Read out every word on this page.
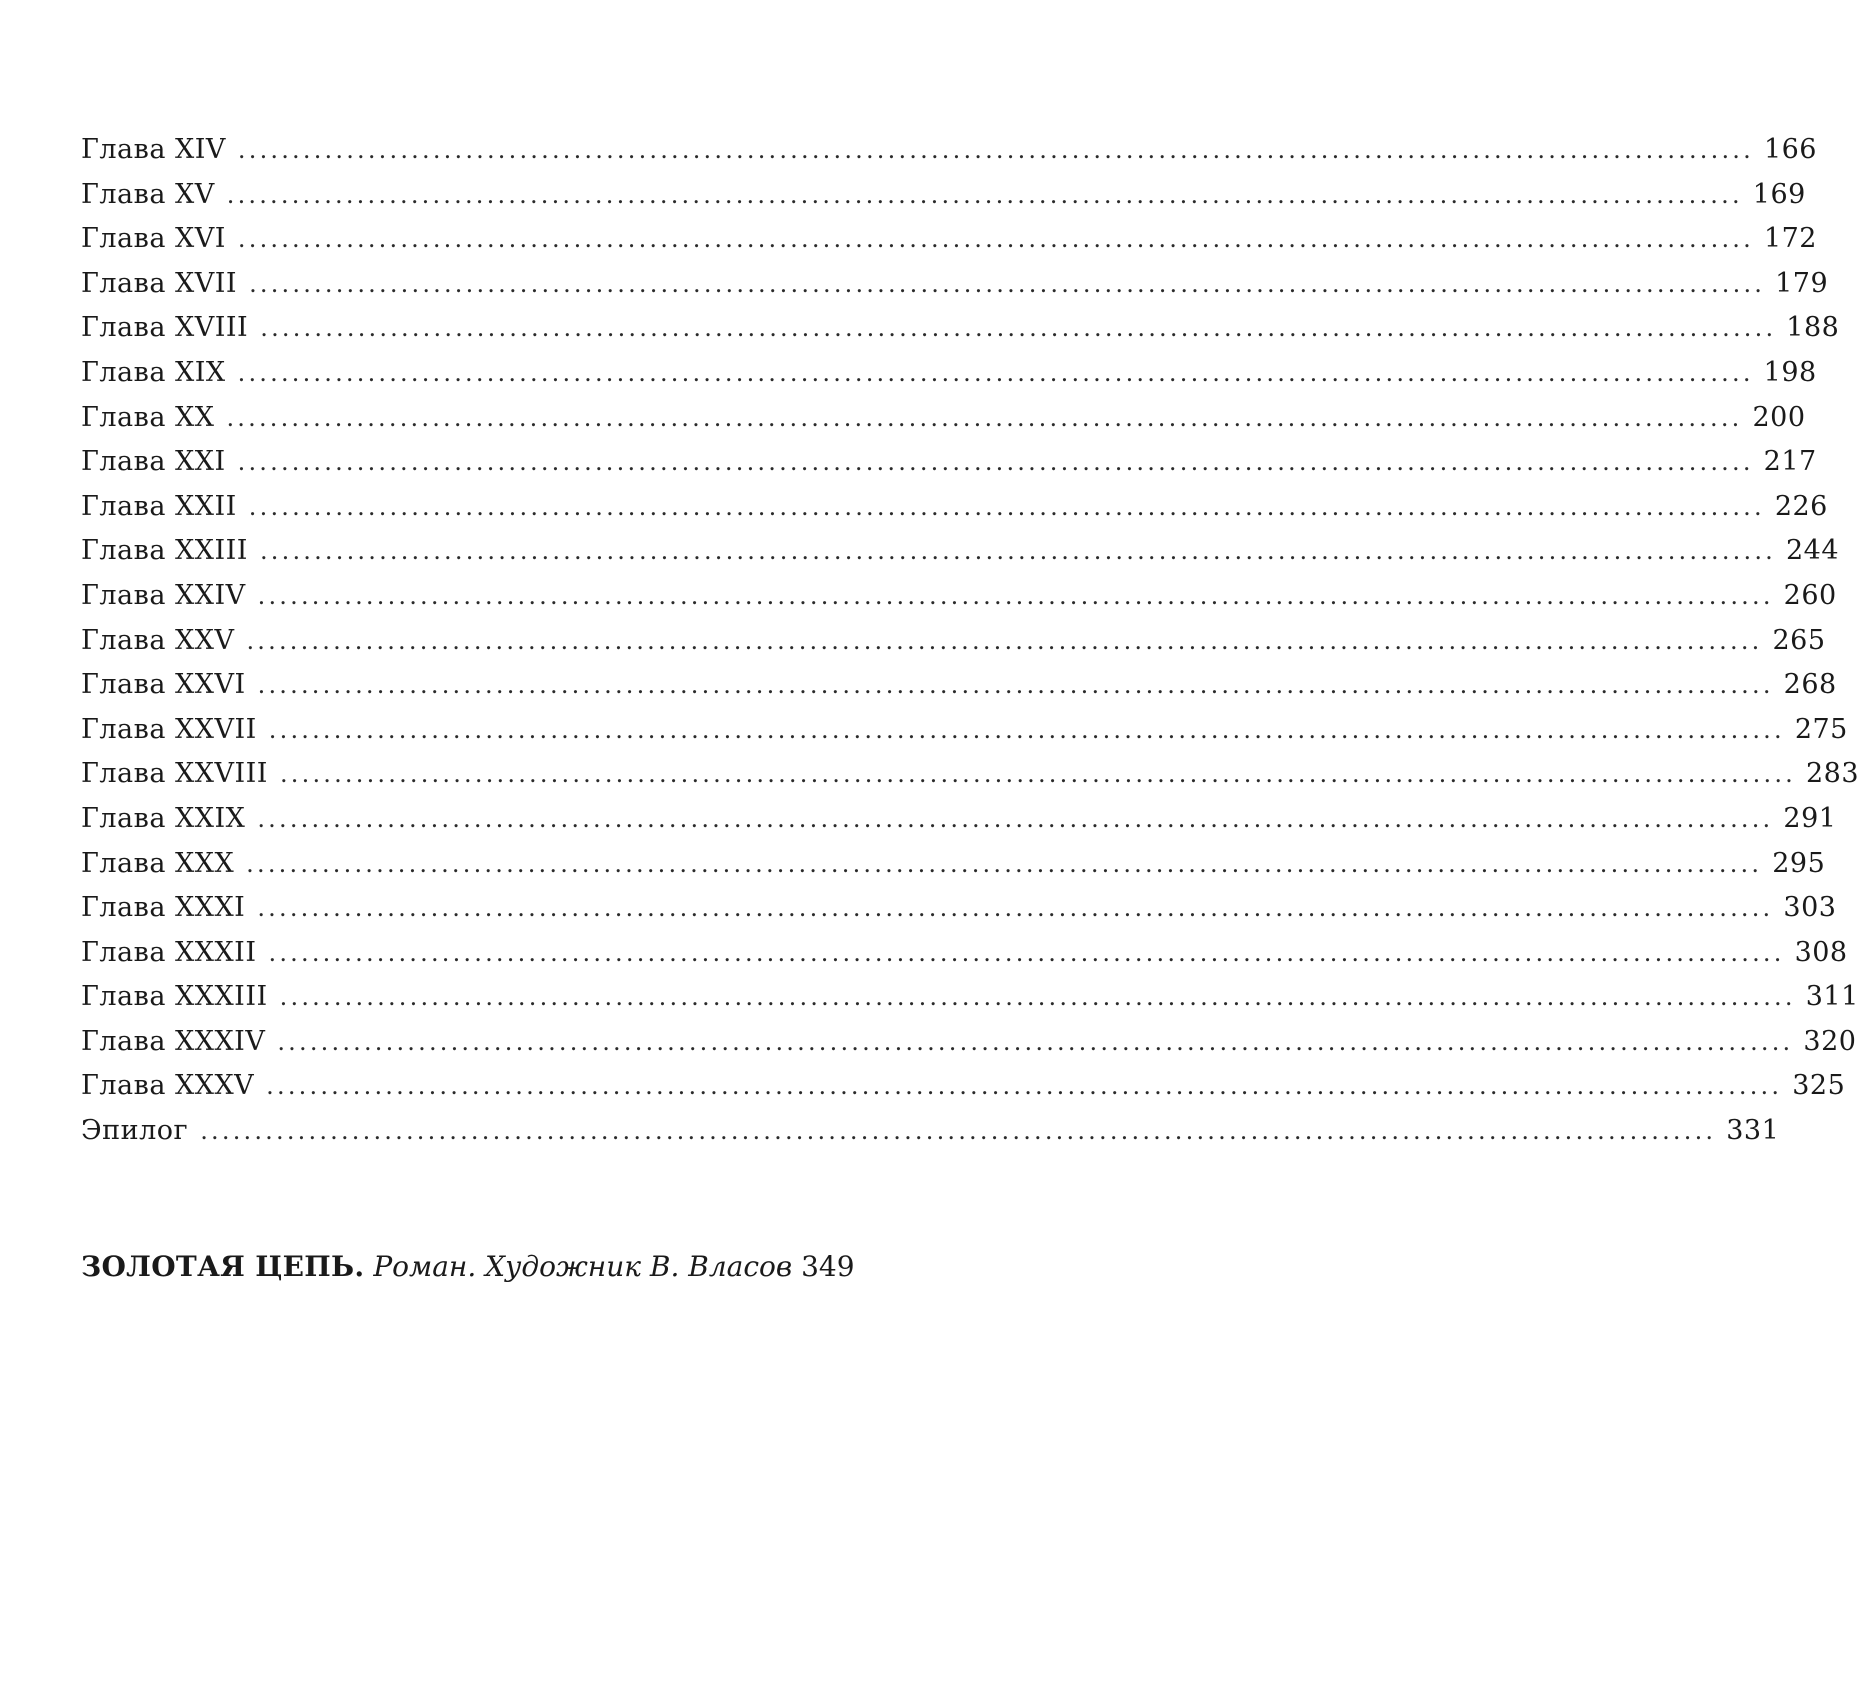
Глава XIV ............................................................................................................................................ 166
Глава XV ............................................................................................................................................ 169
Глава XVI ............................................................................................................................................ 172
Глава XVII ............................................................................................................................................ 179
Глава XVIII ............................................................................................................................................ 188
Глава XIX ............................................................................................................................................ 198
Глава XX ............................................................................................................................................ 200
Глава XXI ............................................................................................................................................ 217
Глава XXII ............................................................................................................................................ 226
Глава XXIII ............................................................................................................................................ 244
Глава XXIV ............................................................................................................................................ 260
Глава XXV ............................................................................................................................................ 265
Глава XXVI ............................................................................................................................................ 268
Глава XXVII ............................................................................................................................................ 275
Глава XXVIII ............................................................................................................................................ 283
Глава XXIX ............................................................................................................................................ 291
Глава XXX ............................................................................................................................................ 295
Глава XXXI ............................................................................................................................................ 303
Глава XXXII ............................................................................................................................................ 308
Глава XXXIII ............................................................................................................................................ 311
Глава XXXIV ............................................................................................................................................ 320
Глава XXXV ............................................................................................................................................ 325
Эпилог ............................................................................................................................................ 331
ЗОЛОТАЯ ЦЕПЬ. Роман. Художник В. Власов 349
